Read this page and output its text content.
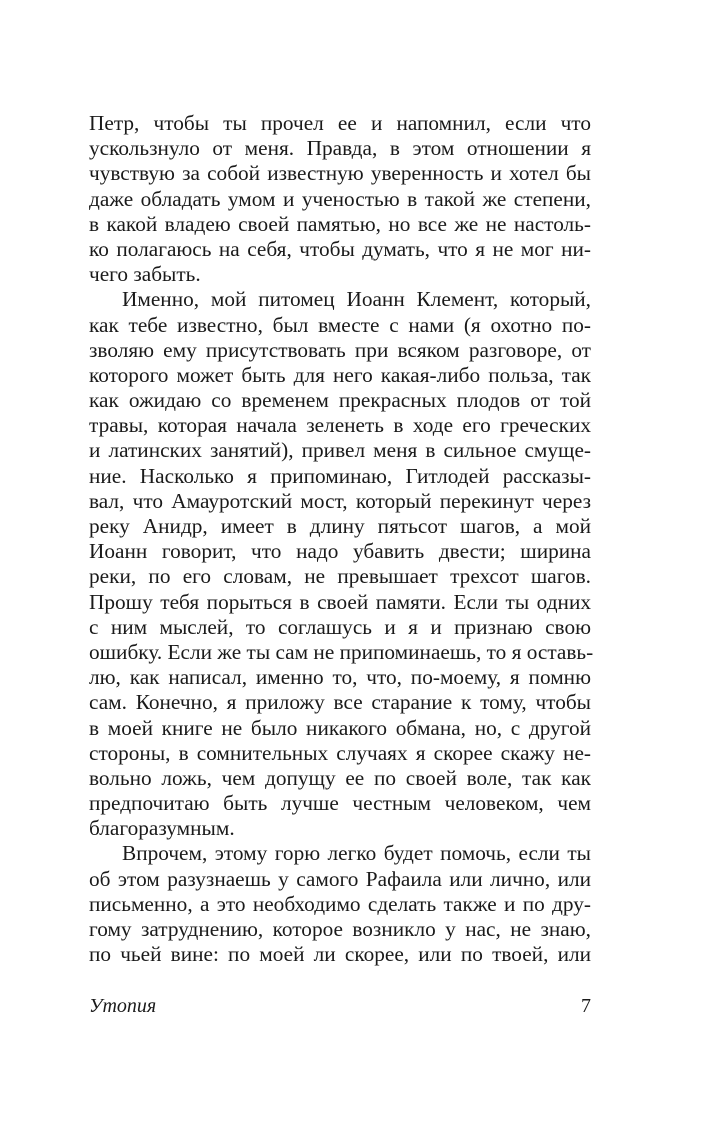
Петр, чтобы ты прочел ее и напомнил, если что
ускользнуло от меня. Правда, в этом отношении я
чувствую за собой известную уверенность и хотел бы
даже обладать умом и ученостью в такой же степени,
в какой владею своей памятью, но все же не настоль-
ко полагаюсь на себя, чтобы думать, что я не мог ни-
чего забыть.
Именно, мой питомец Иоанн Клемент, который,
как тебе известно, был вместе с нами (я охотно по-
зволяю ему присутствовать при всяком разговоре, от
которого может быть для него какая-либо польза, так
как ожидаю со временем прекрасных плодов от той
травы, которая начала зеленеть в ходе его греческих
и латинских занятий), привел меня в сильное смуще-
ние. Насколько я припоминаю, Гитлодей рассказы-
вал, что Амауротский мост, который перекинут через
реку Анидр, имеет в длину пятьсот шагов, а мой
Иоанн говорит, что надо убавить двести; ширина
реки, по его словам, не превышает трехсот шагов.
Прошу тебя порыться в своей памяти. Если ты одних
с ним мыслей, то соглашусь и я и признаю свою
ошибку. Если же ты сам не припоминаешь, то я оставь-
лю, как написал, именно то, что, по-моему, я помню
сам. Конечно, я приложу все старание к тому, чтобы
в моей книге не было никакого обмана, но, с другой
стороны, в сомнительных случаях я скорее скажу не-
вольно ложь, чем допущу ее по своей воле, так как
предпочитаю быть лучше честным человеком, чем
благоразумным.
Впрочем, этому горю легко будет помочь, если ты
об этом разузнаешь у самого Рафаила или лично, или
письменно, а это необходимо сделать также и по дру-
гому затруднению, которое возникло у нас, не знаю,
по чьей вине: по моей ли скорее, или по твоей, или
Утопия	7
